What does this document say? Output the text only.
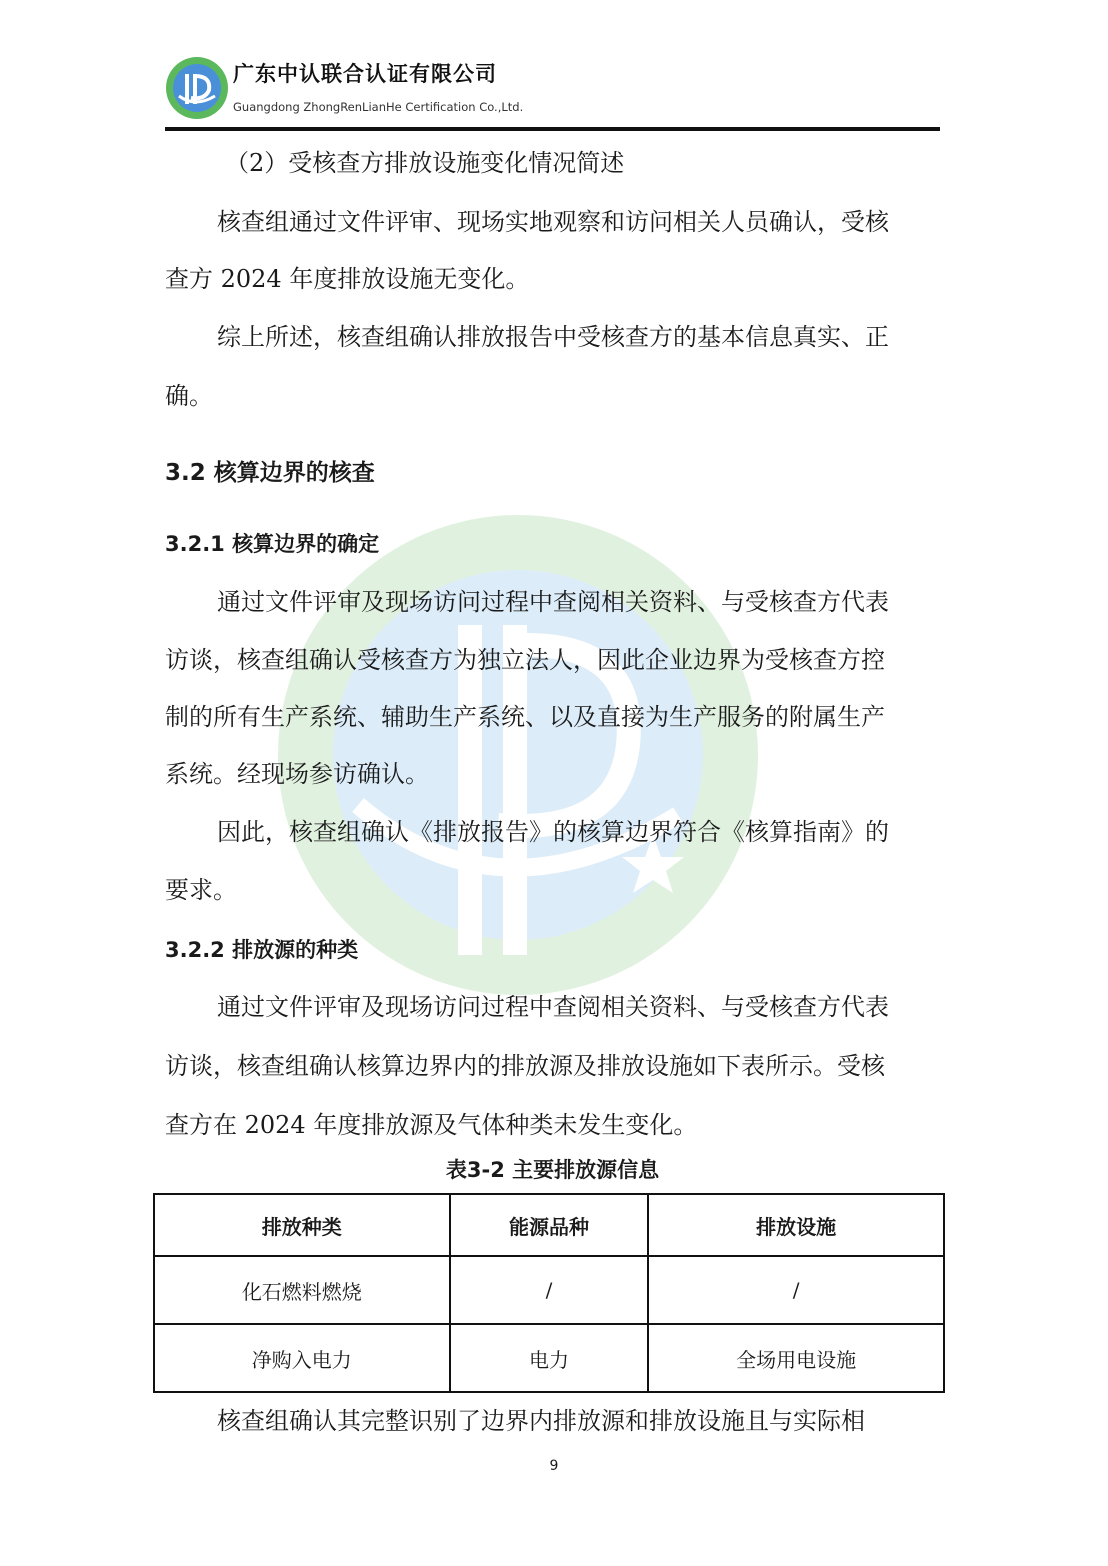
广东中认联合认证有限公司
Guangdong ZhongRenLianHe Certification Co.,Ltd.
（2）受核查方排放设施变化情况简述
核查组通过文件评审、现场实地观察和访问相关人员确认，受核
查方 2024 年度排放设施无变化。
综上所述，核查组确认排放报告中受核查方的基本信息真实、正
确。
3.2 核算边界的核查
3.2.1 核算边界的确定
通过文件评审及现场访问过程中查阅相关资料、与受核查方代表
访谈，核查组确认受核查方为独立法人，因此企业边界为受核查方控
制的所有生产系统、辅助生产系统、以及直接为生产服务的附属生产
系统。经现场参访确认。
因此，核查组确认《排放报告》的核算边界符合《核算指南》的
要求。
3.2.2 排放源的种类
通过文件评审及现场访问过程中查阅相关资料、与受核查方代表
访谈，核查组确认核算边界内的排放源及排放设施如下表所示。受核
查方在 2024 年度排放源及气体种类未发生变化。
表3-2 主要排放源信息
核查组确认其完整识别了边界内排放源和排放设施且与实际相
排放种类	能源品种	排放设施
化石燃料燃烧	/	/
净购入电力	电力	全场用电设施
9
